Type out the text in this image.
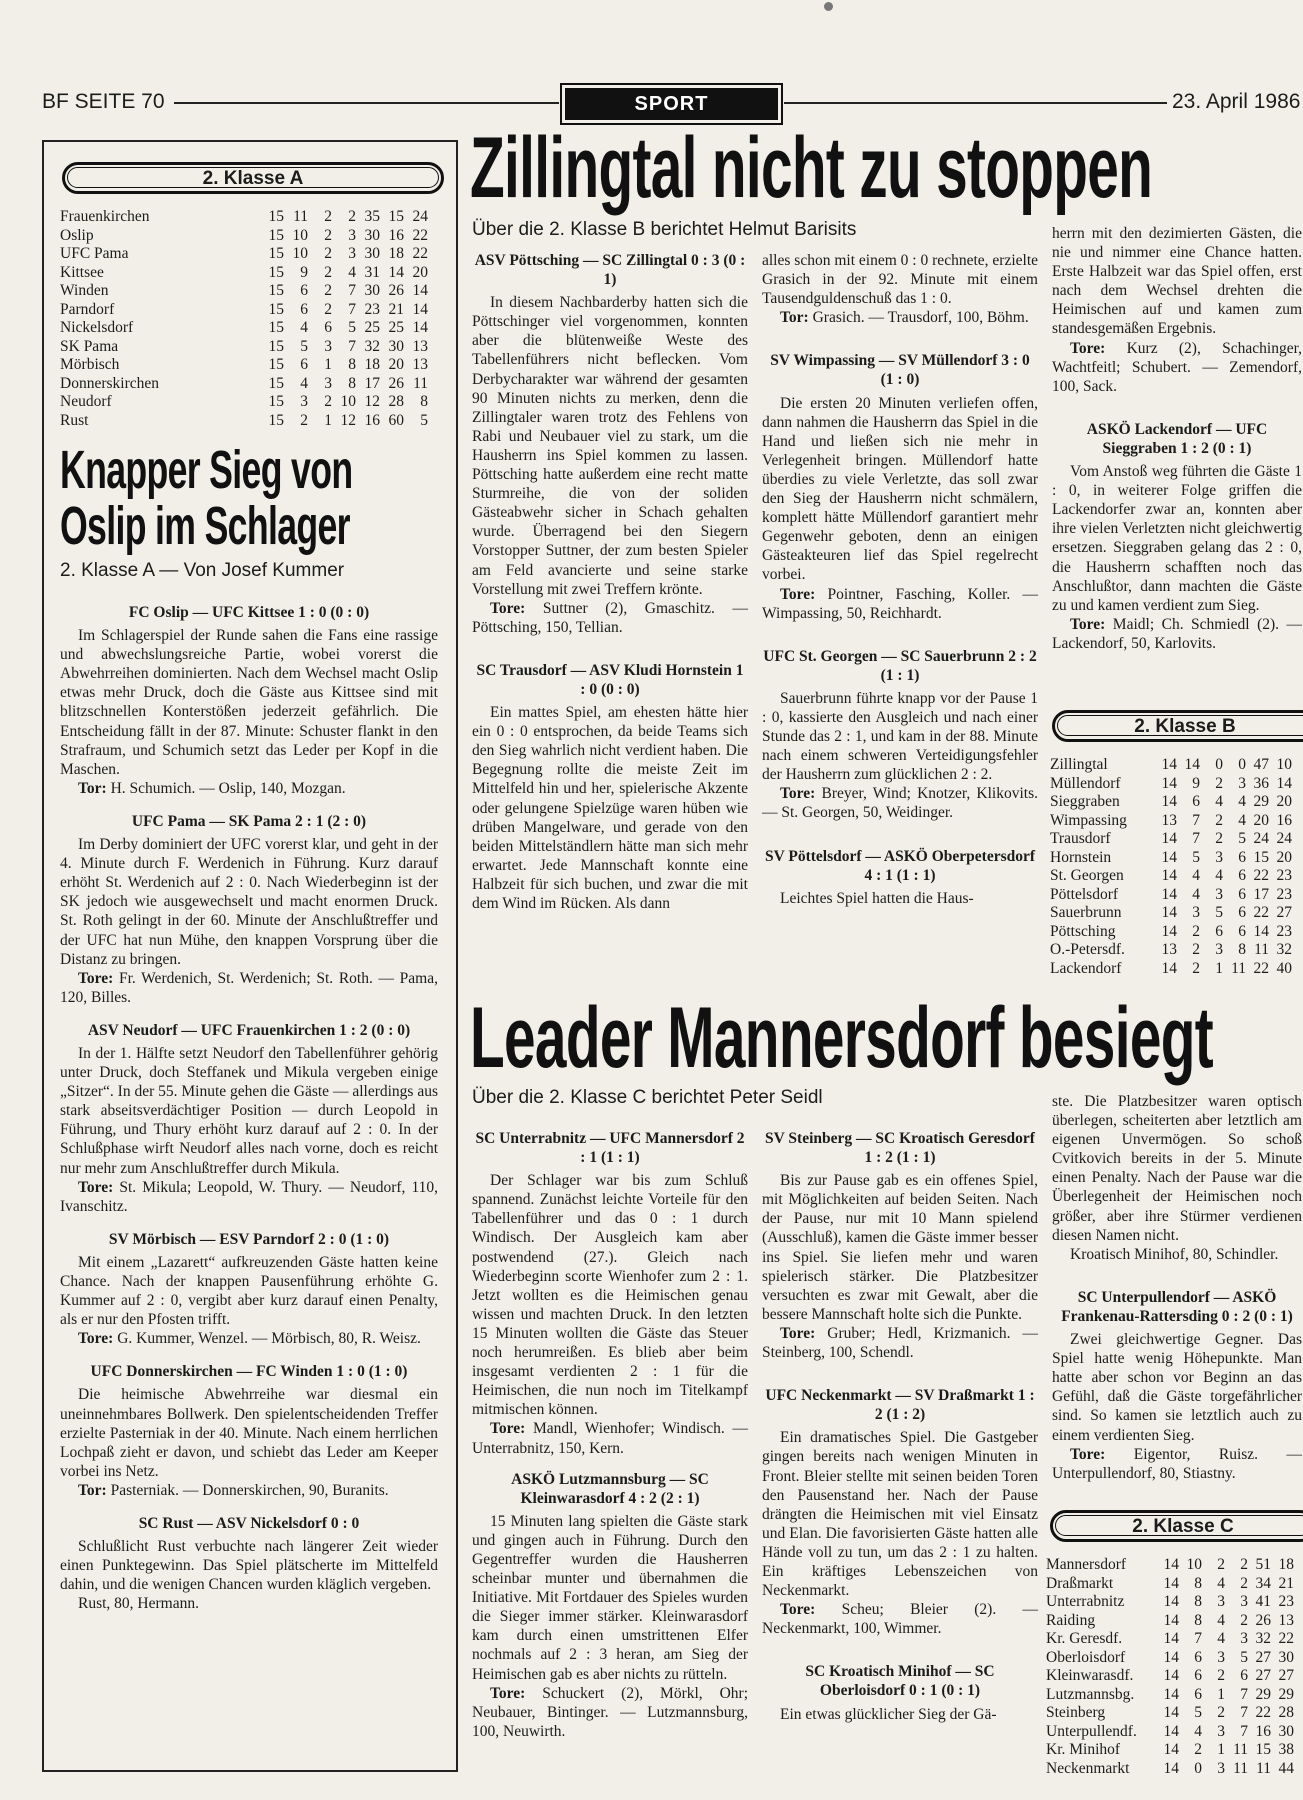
BF SEITE 70	SPORT	23. April 1986
2. Klasse A
Frauenkirchen	15 11	2	2 35 15 24
Oslip	15 10	2	3 30 16 22
UFC Pama	15 10	2	3 30 18 22
Kittsee	15	9	2	4 31 14 20
Winden	15	6	2	7 30 26 14
Parndorf	15	6	2	7 23 21 14
Nickelsdorf	15	4	6	5 25 25 14
SK Pama	15	5	3	7 32 30 13
Mörbisch	15	6	1	8 18 20 13
Donnerskirchen	15	4	3	8 17 26 11
Neudorf	15	3	2 10 12 28	8
Rust	15	2	1 12 16 60	5
Knapper Sieg von
Oslip im Schlager
2. Klasse A — Von Josef Kummer

FC Oslip — UFC Kittsee 1 : 0 (0 : 0)

Im Schlagerspiel der Runde sahen die Fans eine rassige und abwechslungsreiche Partie, wobei vorerst die Abwehrreihen dominierten. Nach dem Wechsel macht Oslip etwas mehr Druck, doch die Gäste aus Kittsee sind mit blitzschnellen Konterstößen jederzeit gefährlich. Die Entscheidung fällt in der 87. Minute: Schuster flankt in den Strafraum, und Schumich setzt das Leder per Kopf in die Maschen.

Tor: H. Schumich. — Oslip, 140, Mozgan.

UFC Pama — SK Pama 2 : 1 (2 : 0)

Im Derby dominiert der UFC vorerst klar, und geht in der 4. Minute durch F. Werdenich in Führung. Kurz darauf erhöht St. Werdenich auf 2 : 0. Nach Wiederbeginn ist der SK jedoch wie ausgewechselt und macht enormen Druck. St. Roth gelingt in der 60. Minute der Anschlußtreffer und der UFC hat nun Mühe, den knappen Vorsprung über die Distanz zu bringen.

Tore: Fr. Werdenich, St. Werdenich; St. Roth. — Pama, 120, Billes.

ASV Neudorf — UFC Frauenkirchen 1 : 2 (0 : 0)

In der 1. Hälfte setzt Neudorf den Tabellenführer gehörig unter Druck, doch Steffanek und Mikula vergeben einige „Sitzer“. In der 55. Minute gehen die Gäste — allerdings aus stark abseitsverdächtiger Position — durch Leopold in Führung, und Thury erhöht kurz darauf auf 2 : 0. In der Schlußphase wirft Neudorf alles nach vorne, doch es reicht nur mehr zum Anschlußtreffer durch Mikula.

Tore: St. Mikula; Leopold, W. Thury. — Neudorf, 110, Ivanschitz.

SV Mörbisch — ESV Parndorf 2 : 0 (1 : 0)

Mit einem „Lazarett“ aufkreuzenden Gäste hatten keine Chance. Nach der knappen Pausenführung erhöhte G. Kummer auf 2 : 0, vergibt aber kurz darauf einen Penalty, als er nur den Pfosten trifft.

Tore: G. Kummer, Wenzel. — Mörbisch, 80, R. Weisz.

UFC Donnerskirchen — FC Winden 1 : 0 (1 : 0)

Die heimische Abwehrreihe war diesmal ein uneinnehmbares Bollwerk. Den spielentscheidenden Treffer erzielte Pasterniak in der 40. Minute. Nach einem herrlichen Lochpaß zieht er davon, und schiebt das Leder am Keeper vorbei ins Netz.

Tor: Pasterniak. — Donnerskirchen, 90, Buranits.

SC Rust — ASV Nickelsdorf 0 : 0

Schlußlicht Rust verbuchte nach längerer Zeit wieder einen Punktegewinn. Das Spiel plätscherte im Mittelfeld dahin, und die wenigen Chancen wurden kläglich vergeben.

Rust, 80, Hermann.

Zillingtal nicht zu stoppen
Über die 2. Klasse B berichtet Helmut Barisits

ASV Pöttsching — SC Zillingtal 0 : 3 (0 : 1)

In diesem Nachbarderby hatten sich die Pöttschinger viel vorgenommen, konnten aber die blütenweiße Weste des Tabellenführers nicht beflecken. Vom Derbycharakter war während der gesamten 90 Minuten nichts zu merken, denn die Zillingtaler waren trotz des Fehlens von Rabi und Neubauer viel zu stark, um die Hausherrn ins Spiel kommen zu lassen. Pöttsching hatte außerdem eine recht matte Sturmreihe, die von der soliden Gästeabwehr sicher in Schach gehalten wurde. Überragend bei den Siegern Vorstopper Suttner, der zum besten Spieler am Feld avancierte und seine starke Vorstellung mit zwei Treffern krönte.

Tore: Suttner (2), Gmaschitz. — Pöttsching, 150, Tellian.

SC Trausdorf — ASV Kludi Hornstein 1 : 0 (0 : 0)

Ein mattes Spiel, am ehesten hätte hier ein 0 : 0 entsprochen, da beide Teams sich den Sieg wahrlich nicht verdient haben. Die Begegnung rollte die meiste Zeit im Mittelfeld hin und her, spielerische Akzente oder gelungene Spielzüge waren hüben wie drüben Mangelware, und gerade von den beiden Mittelständlern hätte man sich mehr erwartet. Jede Mannschaft konnte eine Halbzeit für sich buchen, und zwar die mit dem Wind im Rücken. Als dann

alles schon mit einem 0 : 0 rechnete, erzielte Grasich in der 92. Minute mit einem Tausendguldenschuß das 1 : 0.

Tor: Grasich. — Trausdorf, 100, Böhm.

SV Wimpassing — SV Müllendorf 3 : 0 (1 : 0)

Die ersten 20 Minuten verliefen offen, dann nahmen die Hausherrn das Spiel in die Hand und ließen sich nie mehr in Verlegenheit bringen. Müllendorf hatte überdies zu viele Verletzte, das soll zwar den Sieg der Hausherrn nicht schmälern, komplett hätte Müllendorf garantiert mehr Gegenwehr geboten, denn an einigen Gästeakteuren lief das Spiel regelrecht vorbei.

Tore: Pointner, Fasching, Koller. — Wimpassing, 50, Reichhardt.

UFC St. Georgen — SC Sauerbrunn 2 : 2 (1 : 1)

Sauerbrunn führte knapp vor der Pause 1 : 0, kassierte den Ausgleich und nach einer Stunde das 2 : 1, und kam in der 88. Minute nach einem schweren Verteidigungsfehler der Hausherrn zum glücklichen 2 : 2.

Tore: Breyer, Wind; Knotzer, Klikovits. — St. Georgen, 50, Weidinger.

SV Pöttelsdorf — ASKÖ Oberpetersdorf 4 : 1 (1 : 1)

Leichtes Spiel hatten die Haus-

herrn mit den dezimierten Gästen, die nie und nimmer eine Chance hatten. Erste Halbzeit war das Spiel offen, erst nach dem Wechsel drehten die Heimischen auf und kamen zum standesgemäßen Ergebnis.

Tore: Kurz (2), Schachinger, Wachtfeitl; Schubert. — Zemendorf, 100, Sack.

ASKÖ Lackendorf — UFC Sieggraben 1 : 2 (0 : 1)

Vom Anstoß weg führten die Gäste 1 : 0, in weiterer Folge griffen die Lackendorfer zwar an, konnten aber ihre vielen Verletzten nicht gleichwertig ersetzen. Sieggraben gelang das 2 : 0, die Hausherrn schafften noch das Anschlußtor, dann machten die Gäste zu und kamen verdient zum Sieg.

Tore: Maidl; Ch. Schmiedl (2). — Lackendorf, 50, Karlovits.

2. Klasse B
Zillingtal	14 14 0 0 47 10
Müllendorf	14 9 2 3 36 14
Sieggraben	14 6 4 4 29 20
Wimpassing	13 7 2 4 20 16
Trausdorf	14 7 2 5 24 24
Hornstein	14 5 3 6 15 20
St. Georgen	14 4 4 6 22 23
Pöttelsdorf	14 4 3 6 17 23
Sauerbrunn	14 3 5 6 22 27
Pöttsching	14 2 6 6 14 23
O.-Petersdf.	13 2 3 8 11 32
Lackendorf	14 2 1 11 22 40
Leader Mannersdorf besiegt
Über die 2. Klasse C berichtet Peter Seidl

SC Unterrabnitz — UFC Mannersdorf 2 : 1 (1 : 1)

Der Schlager war bis zum Schluß spannend. Zunächst leichte Vorteile für den Tabellenführer und das 0 : 1 durch Windisch. Der Ausgleich kam aber postwendend (27.). Gleich nach Wiederbeginn scorte Wienhofer zum 2 : 1. Jetzt wollten es die Heimischen genau wissen und machten Druck. In den letzten 15 Minuten wollten die Gäste das Steuer noch herumreißen. Es blieb aber beim insgesamt verdienten 2 : 1 für die Heimischen, die nun noch im Titelkampf mitmischen können.

Tore: Mandl, Wienhofer; Windisch. — Unterrabnitz, 150, Kern.

ASKÖ Lutzmannsburg — SC Kleinwarasdorf 4 : 2 (2 : 1)

15 Minuten lang spielten die Gäste stark und gingen auch in Führung. Durch den Gegentreffer wurden die Hausherren scheinbar munter und übernahmen die Initiative. Mit Fortdauer des Spieles wurden die Sieger immer stärker. Kleinwarasdorf kam durch einen umstrittenen Elfer nochmals auf 2 : 3 heran, am Sieg der Heimischen gab es aber nichts zu rütteln.

Tore: Schuckert (2), Mörkl, Ohr; Neubauer, Bintinger. — Lutzmannsburg, 100, Neuwirth.

SV Steinberg — SC Kroatisch Geresdorf 1 : 2 (1 : 1)

Bis zur Pause gab es ein offenes Spiel, mit Möglichkeiten auf beiden Seiten. Nach der Pause, nur mit 10 Mann spielend (Ausschluß), kamen die Gäste immer besser ins Spiel. Sie liefen mehr und waren spielerisch stärker. Die Platzbesitzer versuchten es zwar mit Gewalt, aber die bessere Mannschaft holte sich die Punkte.

Tore: Gruber; Hedl, Krizmanich. — Steinberg, 100, Schendl.

UFC Neckenmarkt — SV Draßmarkt 1 : 2 (1 : 2)

Ein dramatisches Spiel. Die Gastgeber gingen bereits nach wenigen Minuten in Front. Bleier stellte mit seinen beiden Toren den Pausenstand her. Nach der Pause drängten die Heimischen mit viel Einsatz und Elan. Die favorisierten Gäste hatten alle Hände voll zu tun, um das 2 : 1 zu halten. Ein kräftiges Lebenszeichen von Neckenmarkt.

Tore: Scheu; Bleier (2). — Neckenmarkt, 100, Wimmer.

SC Kroatisch Minihof — SC Oberloisdorf 0 : 1 (0 : 1)

Ein etwas glücklicher Sieg der Gä-

ste. Die Platzbesitzer waren optisch überlegen, scheiterten aber letztlich am eigenen Unvermögen. So schoß Cvitkovich bereits in der 5. Minute einen Penalty. Nach der Pause war die Überlegenheit der Heimischen noch größer, aber ihre Stürmer verdienen diesen Namen nicht.

Kroatisch Minihof, 80, Schindler.

SC Unterpullendorf — ASKÖ Frankenau-Rattersding 0 : 2 (0 : 1)

Zwei gleichwertige Gegner. Das Spiel hatte wenig Höhepunkte. Man hatte aber schon vor Beginn an das Gefühl, daß die Gäste torgefährlicher sind. So kamen sie letztlich auch zu einem verdienten Sieg.

Tore: Eigentor, Ruisz. — Unterpullendorf, 80, Stiastny.

2. Klasse C
Mannersdorf	14 10 2 2 51 18
Draßmarkt	14 8 4 2 34 21
Unterrabnitz	14 8 3 3 41 23
Raiding	14 8 4 2 26 13
Kr. Geresdf.	14 7 4 3 32 22
Oberloisdorf	14 6 3 5 27 30
Kleinwarasdf.	14 6 2 6 27 27
Lutzmannsbg.	14 6 1 7 29 29
Steinberg	14 5 2 7 22 28
Unterpullendf.	14 4 3 7 16 30
Kr. Minihof	14 2 1 11 15 38
Neckenmarkt	14 0 3 11 11 44
